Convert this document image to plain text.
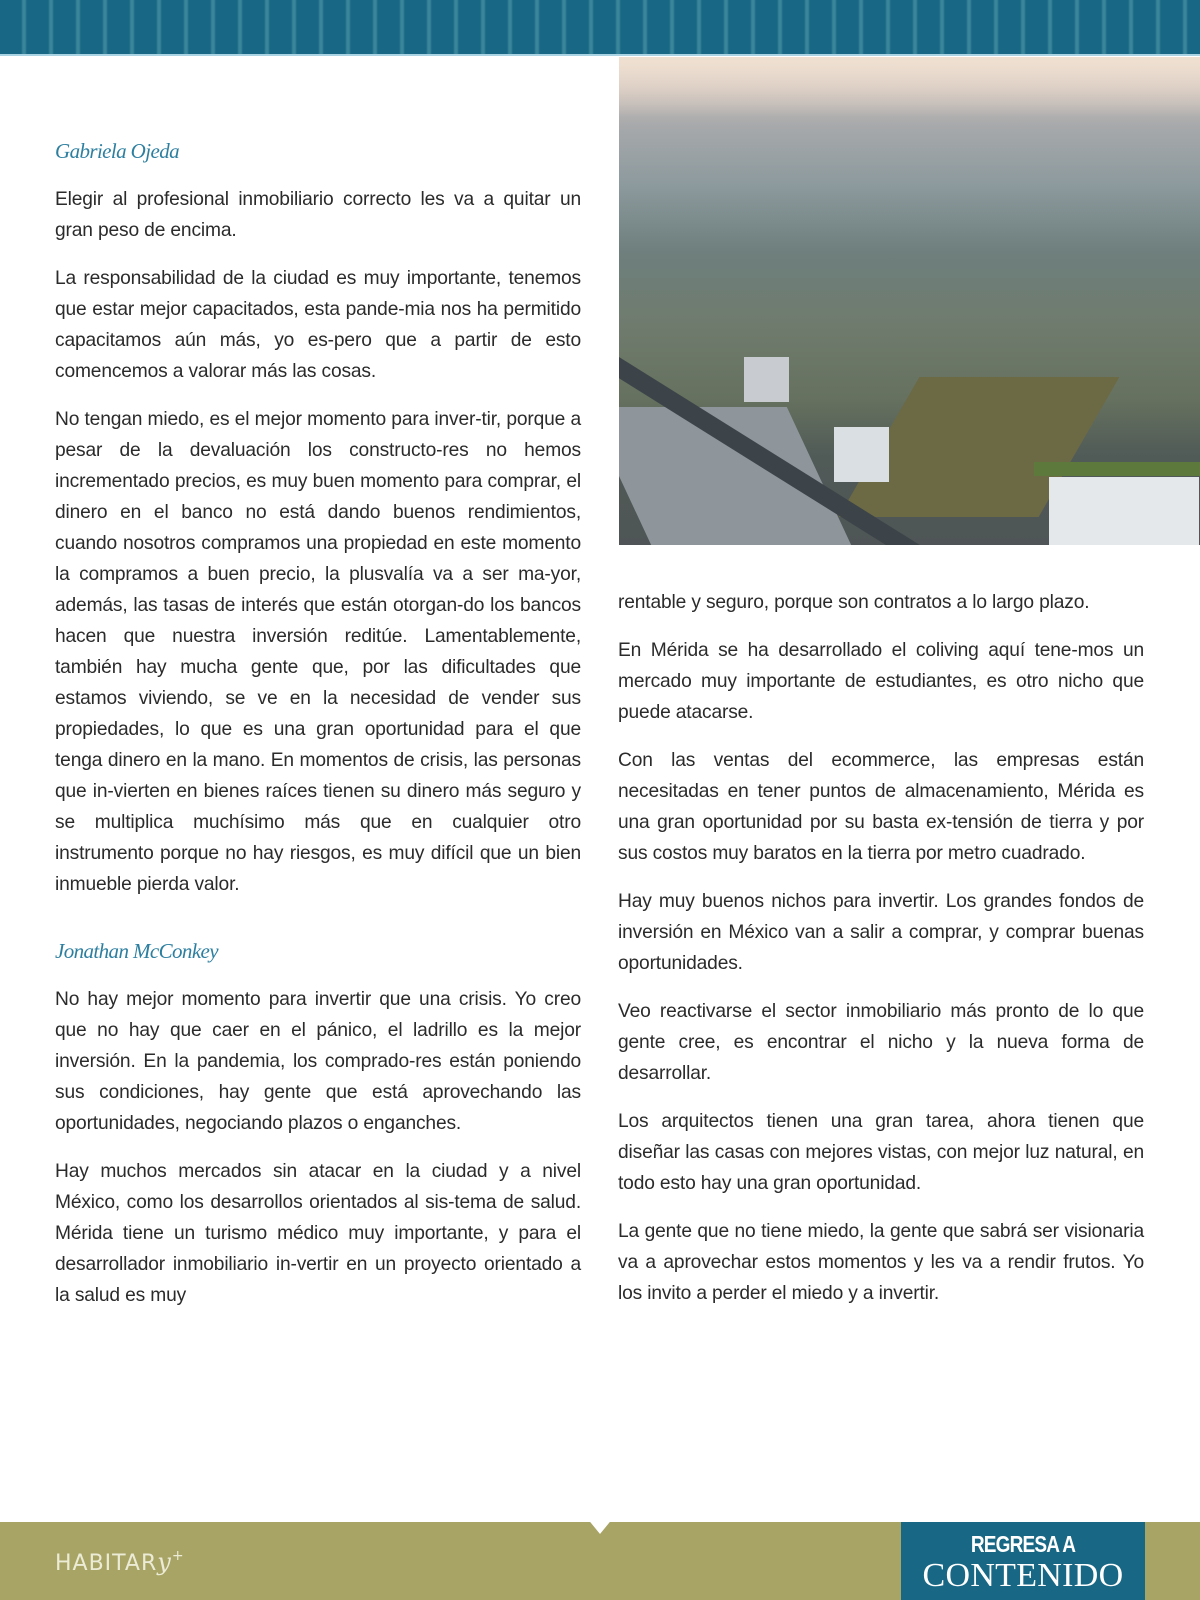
Gabriela Ojeda

Elegir al profesional inmobiliario correcto les va a quitar un gran peso de encima.

La responsabilidad de la ciudad es muy importante, tenemos que estar mejor capacitados, esta pande-mia nos ha permitido capacitamos aún más, yo es-pero que a partir de esto comencemos a valorar más las cosas.

No tengan miedo, es el mejor momento para inver-tir, porque a pesar de la devaluación los constructo-res no hemos incrementado precios, es muy buen momento para comprar, el dinero en el banco no está dando buenos rendimientos, cuando nosotros compramos una propiedad en este momento la compramos a buen precio, la plusvalía va a ser ma-yor, además, las tasas de interés que están otorgan-do los bancos hacen que nuestra inversión reditúe. Lamentablemente, también hay mucha gente que, por las dificultades que estamos viviendo, se ve en la necesidad de vender sus propiedades, lo que es una gran oportunidad para el que tenga dinero en la mano. En momentos de crisis, las personas que in-vierten en bienes raíces tienen su dinero más seguro y se multiplica muchísimo más que en cualquier otro instrumento porque no hay riesgos, es muy difícil que un bien inmueble pierda valor.

Jonathan McConkey

No hay mejor momento para invertir que una crisis. Yo creo que no hay que caer en el pánico, el ladrillo es la mejor inversión. En la pandemia, los comprado-res están poniendo sus condiciones, hay gente que está aprovechando las oportunidades, negociando plazos o enganches.

Hay muchos mercados sin atacar en la ciudad y a nivel México, como los desarrollos orientados al sis-tema de salud. Mérida tiene un turismo médico muy importante, y para el desarrollador inmobiliario in-vertir en un proyecto orientado a la salud es muy

rentable y seguro, porque son contratos a lo largo plazo.

En Mérida se ha desarrollado el coliving aquí tene-mos un mercado muy importante de estudiantes, es otro nicho que puede atacarse.

Con las ventas del ecommerce, las empresas están necesitadas en tener puntos de almacenamiento, Mérida es una gran oportunidad por su basta ex-tensión de tierra y por sus costos muy baratos en la tierra por metro cuadrado.

Hay muy buenos nichos para invertir. Los grandes fondos de inversión en México van a salir a comprar, y comprar buenas oportunidades.

Veo reactivarse el sector inmobiliario más pronto de lo que gente cree, es encontrar el nicho y la nueva forma de desarrollar.

Los arquitectos tienen una gran tarea, ahora tienen que diseñar las casas con mejores vistas, con mejor luz natural, en todo esto hay una gran oportunidad.

La gente que no tiene miedo, la gente que sabrá ser visionaria va a aprovechar estos momentos y les va a rendir frutos. Yo los invito a perder el miedo y a invertir.

HABITARy+	REGRESA A
CONTENIDO
